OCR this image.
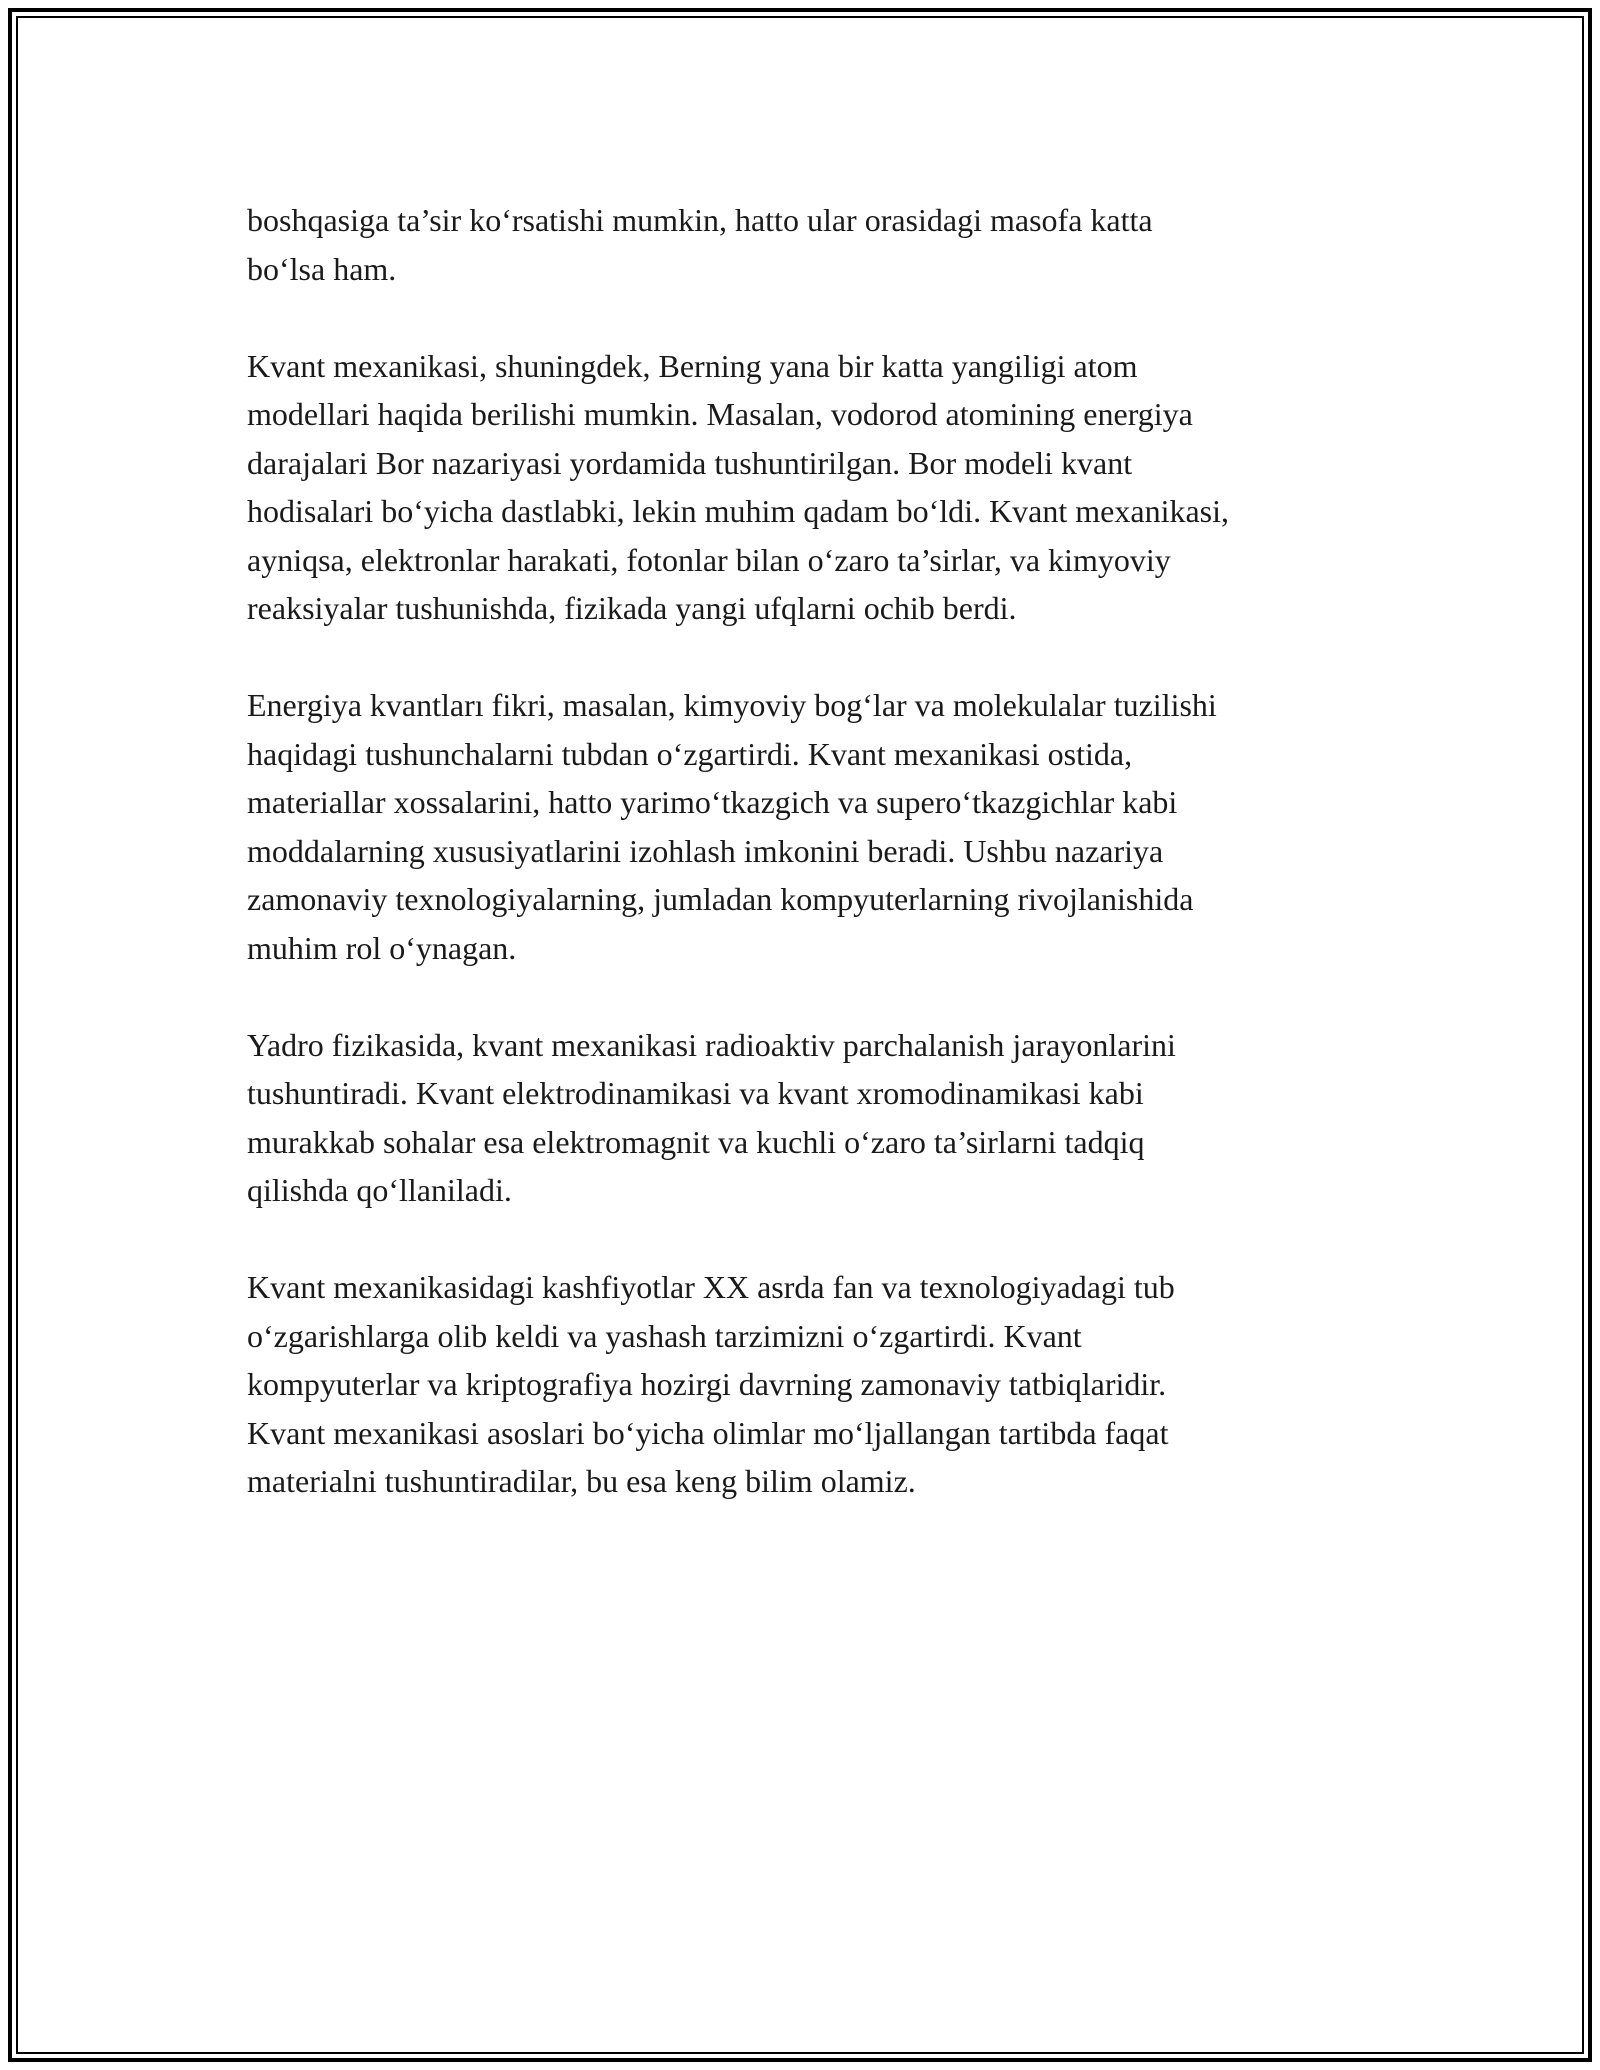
boshqasiga ta’sir ko‘rsatishi mumkin, hatto ular orasidagi masofa katta
bo‘lsa ham.

Kvant mexanikasi, shuningdek, Berning yana bir katta yangiligi atom
modellari haqida berilishi mumkin. Masalan, vodorod atomining energiya
darajalari Bor nazariyasi yordamida tushuntirilgan. Bor modeli kvant
hodisalari bo‘yicha dastlabki, lekin muhim qadam bo‘ldi. Kvant mexanikasi,
ayniqsa, elektronlar harakati, fotonlar bilan o‘zaro ta’sirlar, va kimyoviy
reaksiyalar tushunishda, fizikada yangi ufqlarni ochib berdi.

Energiya kvantları fikri, masalan, kimyoviy bog‘lar va molekulalar tuzilishi
haqidagi tushunchalarni tubdan o‘zgartirdi. Kvant mexanikasi ostida,
materiallar xossalarini, hatto yarimo‘tkazgich va supero‘tkazgichlar kabi
moddalarning xususiyatlarini izohlash imkonini beradi. Ushbu nazariya
zamonaviy texnologiyalarning, jumladan kompyuterlarning rivojlanishida
muhim rol o‘ynagan.

Yadro fizikasida, kvant mexanikasi radioaktiv parchalanish jarayonlarini
tushuntiradi. Kvant elektrodinamikasi va kvant xromodinamikasi kabi
murakkab sohalar esa elektromagnit va kuchli o‘zaro ta’sirlarni tadqiq
qilishda qo‘llaniladi.

Kvant mexanikasidagi kashfiyotlar XX asrda fan va texnologiyadagi tub
o‘zgarishlarga olib keldi va yashash tarzimizni o‘zgartirdi. Kvant
kompyuterlar va kriptografiya hozirgi davrning zamonaviy tatbiqlaridir.
Kvant mexanikasi asoslari bo‘yicha olimlar mo‘ljallangan tartibda faqat
materialni tushuntiradilar, bu esa keng bilim olamiz.
